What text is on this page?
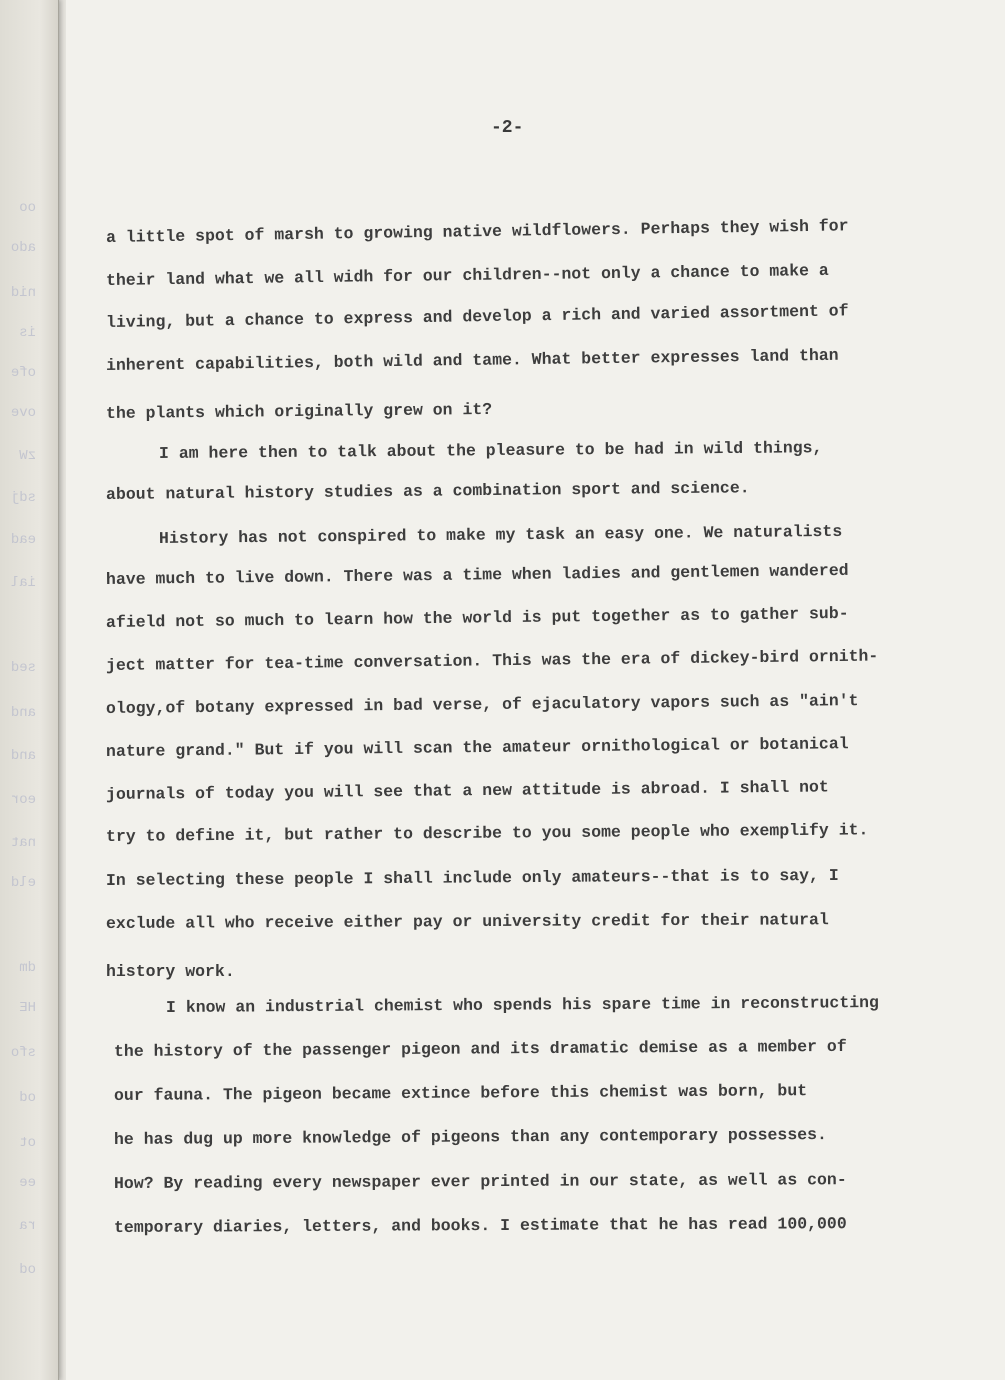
oo
ado
nid
is
ofe
ove
zW
sdj
ead
ial
sed
and
and
eor
nat
eld
dm
HE
sfo
od
ot
ee
ra
od
-2-
a little spot of marsh to growing native wildflowers. Perhaps they wish for
their land what we all widh for our children--not only a chance to make a
living, but a chance to express and develop a rich and varied assortment of
inherent capabilities, both wild and tame. What better expresses land than
the plants which originally grew on it?
I am here then to talk about the pleasure to be had in wild things,
about natural history studies as a combination sport and science.
History has not conspired to make my task an easy one. We naturalists
have much to live down. There was a time when ladies and gentlemen wandered
afield not so much to learn how the world is put together as to gather sub-
ject matter for tea-time conversation. This was the era of dickey-bird ornith-
ology,of botany expressed in bad verse, of ejaculatory vapors such as "ain't
nature grand." But if you will scan the amateur ornithological or botanical
journals of today you will see that a new attitude is abroad. I shall not
try to define it, but rather to describe to you some people who exemplify it.
In selecting these people I shall include only amateurs--that is to say, I
exclude all who receive either pay or university credit for their natural
history work.
I know an industrial chemist who spends his spare time in reconstructing
the history of the passenger pigeon and its dramatic demise as a member of
our fauna. The pigeon became extince before this chemist was born, but
he has dug up more knowledge of pigeons than any contemporary possesses.
How? By reading every newspaper ever printed in our state, as well as con-
temporary diaries, letters, and books. I estimate that he has read 100,000
